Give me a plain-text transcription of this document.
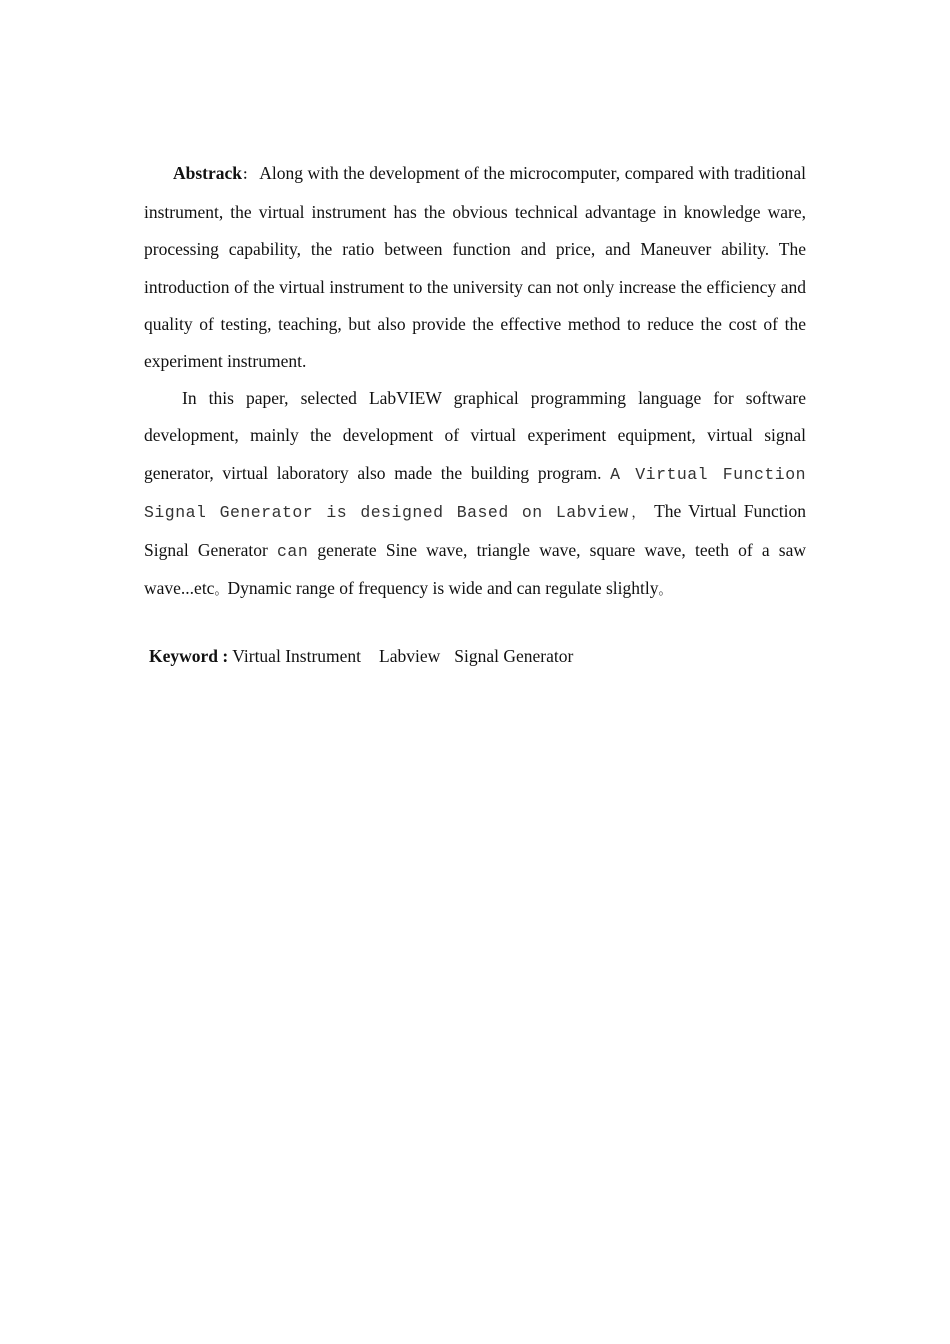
Abstrack： Along with the development of the microcomputer, compared with traditional instrument, the virtual instrument has the obvious technical advantage in knowledge ware, processing capability, the ratio between function and price, and Maneuver ability. The introduction of the virtual instrument to the university can not only increase the efficiency and quality of testing, teaching, but also provide the effective method to reduce the cost of the experiment instrument.

In this paper, selected LabVIEW graphical programming language for software development, mainly the development of virtual experiment equipment, virtual signal generator, virtual laboratory also made the building program. A Virtual Function Signal Generator is designed Based on Labview， The Virtual Function Signal Generator can generate Sine wave, triangle wave, square wave, teeth of a saw wave...etc。Dynamic range of frequency is wide and can regulate slightly。

Keyword : Virtual Instrument Labview Signal Generator
